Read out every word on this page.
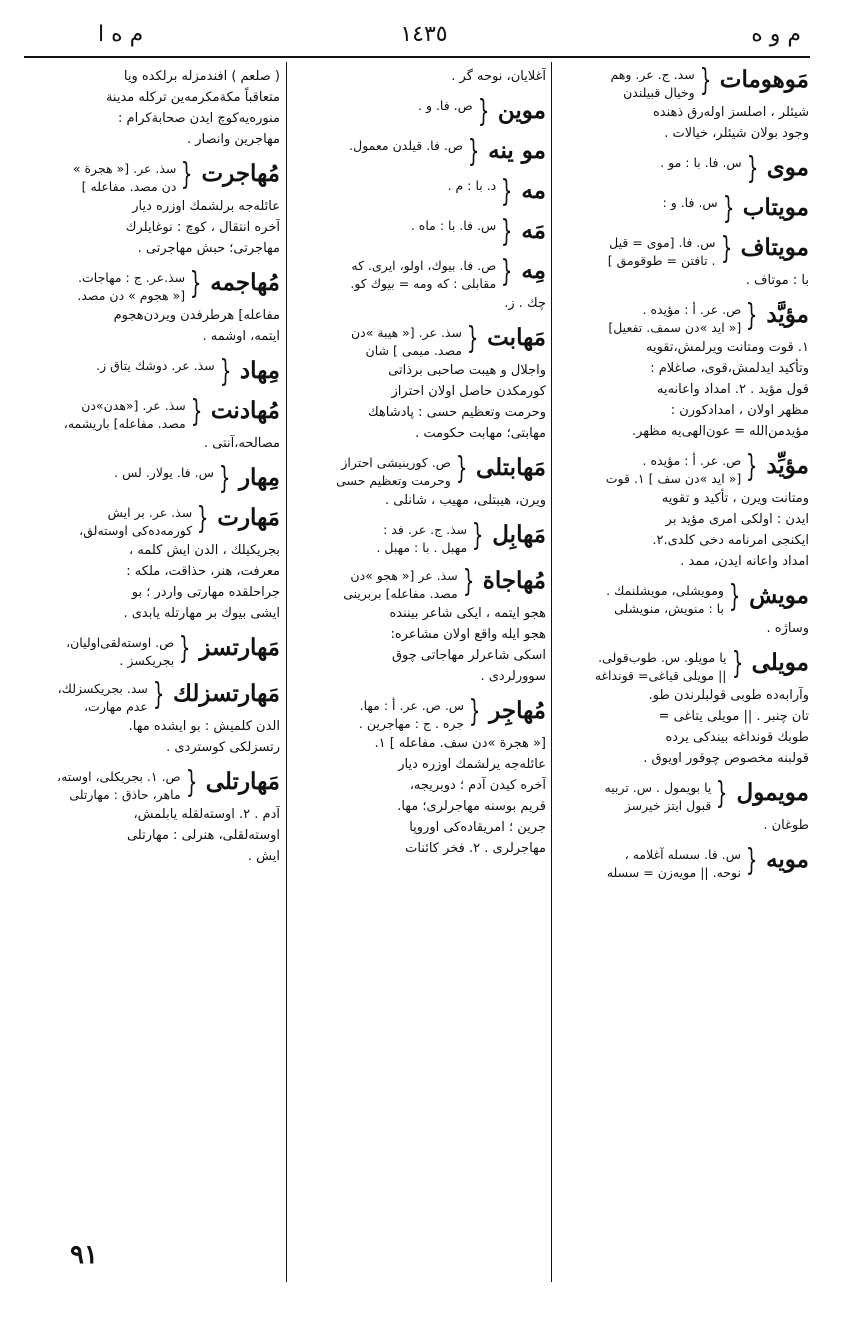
م و ه
١٤٣٥
م ه ا
مَوهومات
{
سد. ج. عر. وهم
وخيال قبيلندن
شيئلر ، اصلسز اولەرق ذهندە
وجود بولان شيئلر، خياﻻت .
موى
{
س. فا. با : مو .
مويتاب
{
س. فا. و :
مويتاف
{
س. فا. [موى = قيل
. تافتن = طوقومق ]
با : موتاف .
مؤيَّد
{
ص. عر. أ : مؤيده .
[« ايد »دن سمف. تفعيل]
١. قوت ومتانت ويرلمش،تقويه
وتأكيد ايدلمش،قوى، صاغلام :
قول مؤيد . ٢. امداد واعانه‌يه
مظهر اولان ، امداد‌كورن :
مؤيدمن‌الله = عون‌الهى‌يه مظهر.
مؤيِّد
{
ص. عر. أ : مؤيده .
[« ايد »دن سف ] ١. قوت
ومتانت ويرن ، تأكيد و تقويه
ايدن : اولكى امرى مؤيد بر
ايكنجى امرنامه دخى كلدى.٢.
امداد واعانه ايدن، ممد .
مويش
{
ومويشلى، مويشلنمك .
با : منويش، منويشلى
وساژه .
مويلى
{
يا مويلو. س. طوب‌قولى.
|| مويلى قياغى= قونداغه
وآرابه‌ده طوبى قولبلرندن طو.
تان چنبر . || مويلى يتاغى =
طوبك قونداغه بيندكى يرده
قولبنه مخصوص چوقور اويوق .
مويمول
{
يا بويمول . س. تربيه
قبول ايتز خيرسز
طوغان .
مويه
{
س. فا. سسله آغلامه ،
نوحه. || مويه‌زن = سسله
آغلايان، نوحه گر .
موين
{
ص. فا. و .
مو ينه
{
ص. فا. قيلدن معمول.
مه
{
د. با : م .
مَه
{
س. فا. با : ماه .
مِه
{
ص. فا. بيوك، اولو، ايرى. كه
مقابلى : كه ومه = بيوك كو.
چك . ز.
مَهابت
{
سذ. عر. [« هيبة »دن
مصد. ميمى ] شان
واجلال و هيبت صاحبى برذاتى
كورمكدن حاصل اولان احتراز
وحرمت وتعظيم حسى : پادشاهك
مهابتى؛ مهابت حكومت .
مَهابتلى
{
ص. كورينيشى احتراز
وحرمت وتعظيم حسى
ويرن، هيبتلى، مهيب ، شانلى .
مَهابِل
{
سذ. ج. عر. فد :
مهبل . با : مهبل .
مُهاجاة
{
سذ. عر [« هجو »دن
مصد. مفاعله] بربرينى
هجو ايتمه ، ايكى شاعر بيننده
هجو ايله واقع اولان مشاعره:
اسكى شاعرلر مهاجاتى چوق
سوورلردى .
مُهاجِر
{
س. ص. عر. أ : مها.
جره . ج : مهاجرين .
[« هجرة »دن سف. مفاعله ] ١.
عائله‌جه يرلشمك اوزره ديار
آخره كيدن آدم ؛ دوبريجه،
قريم بوسنه مهاجرلرى؛ مها.
جرين ؛ امريقاده‌كى اوروپا
مهاجرلرى . ٢. فخر كائنات
( صلعم ) افندمزله برلكده ويا
متعاقباً مكة‌مكرمه‌ين تركله مدينة
منوره‌يه‌كوچ ايدن صحابة‌كرام :
مهاجرين وانصار .
مُهاجرت
{
سذ. عر. [« هجرة »
دن مصد. مفاعله ]
عائله‌جه برلشمك اوزره ديار
آخره انتقال ، كوچ : نوغايلرك
مهاجرتى؛ حبش مهاجرتى .
مُهاجمه
{
سذ.عر. ج : مهاجات.
[« هجوم » دن مصد.
مفاعله] هرطرفدن ويردن‌هجوم
ايتمه، اوشمه .
مِهاد
{
سذ. عر. دوشك يتاق ز.
مُهادنت
{
سذ. عر. [«هدن»دن
مصد. مفاعله] باريشمه،
مصالحه،آنتى .
مِهار
{
س. فا. يولار. لس .
مَهارت
{
سذ. عر. بر ايش
كورمه‌ده‌كى اوسته‌لق،
بجريكيلك ، الدن ايش كلمه ،
معرفت، هنر، حذاقت، ملكه :
جراحلقده مهارتى واردر ؛ بو
ايشى بيوك بر مهارتله يابدى .
مَهارتسز
{
ص. اوسته‌لقى‌اوليان،
بجريكسز .
مَهارتسزلك
{
سد. بجريكسزلك،
عدم مهارت،
الدن كلميش : بو ايشده مها.
رتسزلكى كوستردى .
مَهارتلى
{
ص. ١. بجريكلى، اوسته،
ماهر، حاذق : مهارتلى
آدم . ٢. اوسته‌لقله يابلمش،
اوسته‌لقلى، هنرلى : مهارتلى
ايش .
٩١
